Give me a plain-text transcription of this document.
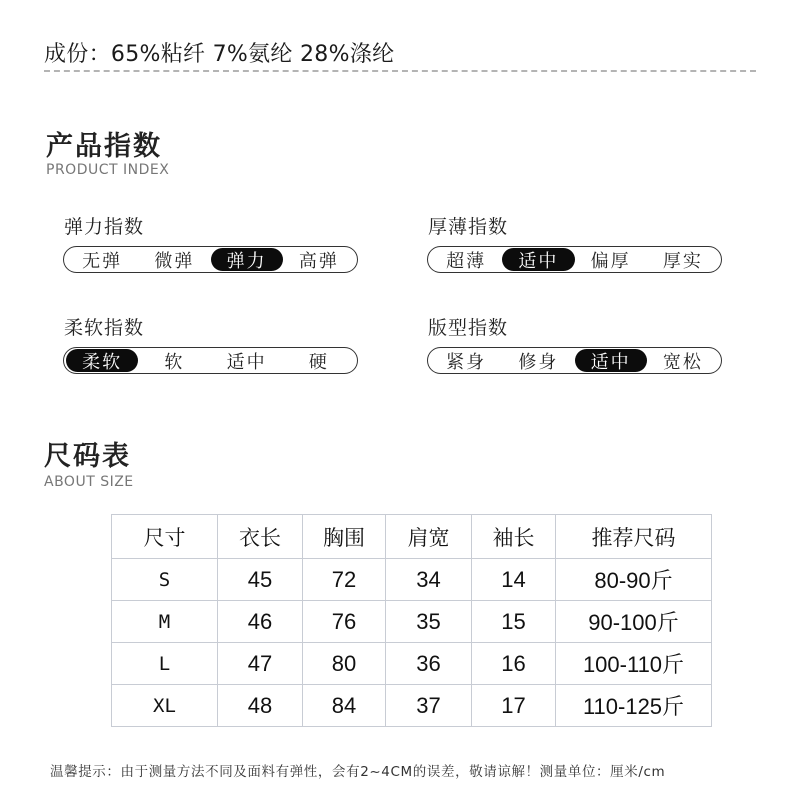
成份：65%粘纤 7%氨纶 28%涤纶
产品指数
PRODUCT INDEX
弹力指数
无弹	微弹	弹力	高弹
厚薄指数
超薄	适中	偏厚	厚实
柔软指数
柔软	软	适中	硬
版型指数
紧身	修身	适中	宽松
尺码表
ABOUT SIZE
尺寸	衣长	胸围	肩宽	袖长	推荐尺码
S	45	72	34	14	80-90斤
M	46	76	35	15	90-100斤
L	47	80	36	16	100-110斤
XL	48	84	37	17	110-125斤
温馨提示：由于测量方法不同及面料有弹性，会有2~4CM的误差，敬请谅解！测量单位：厘米/cm
